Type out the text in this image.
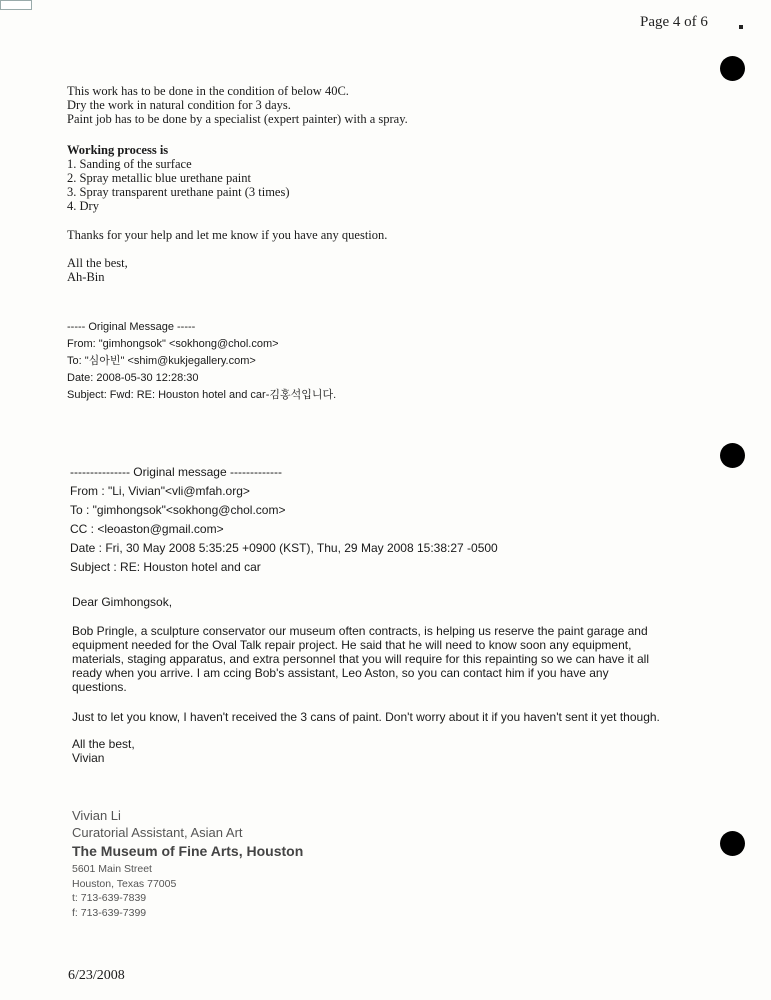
Page 4 of 6
This work has to be done in the condition of below 40C.
Dry the work in natural condition for 3 days.
Paint job has to be done by a specialist (expert painter) with a spray.
Working process is
1. Sanding of the surface
2. Spray metallic blue urethane paint
3. Spray transparent urethane paint (3 times)
4. Dry
Thanks for your help and let me know if you have any question.
All the best,
Ah-Bin
----- Original Message -----
From: "gimhongsok" <sokhong@chol.com>
To: "심아빈" <shim@kukjegallery.com>
Date: 2008-05-30 12:28:30
Subject: Fwd: RE: Houston hotel and car-김홍석입니다.
--------------- Original message -------------
From : "Li, Vivian"<vli@mfah.org>
To : "gimhongsok"<sokhong@chol.com>
CC : <leoaston@gmail.com>
Date : Fri, 30 May 2008 5:35:25 +0900 (KST), Thu, 29 May 2008 15:38:27 -0500
Subject : RE: Houston hotel and car
Dear Gimhongsok,
Bob Pringle, a sculpture conservator our museum often contracts, is helping us reserve the paint garage and
equipment needed for the Oval Talk repair project. He said that he will need to know soon any equipment,
materials, staging apparatus, and extra personnel that you will require for this repainting so we can have it all
ready when you arrive. I am ccing Bob's assistant, Leo Aston, so you can contact him if you have any
questions.
Just to let you know, I haven't received the 3 cans of paint. Don't worry about it if you haven't sent it yet though.
All the best,
Vivian
Vivian Li
Curatorial Assistant, Asian Art
The Museum of Fine Arts, Houston
5601 Main Street
Houston, Texas 77005
t: 713-639-7839
f: 713-639-7399
6/23/2008
